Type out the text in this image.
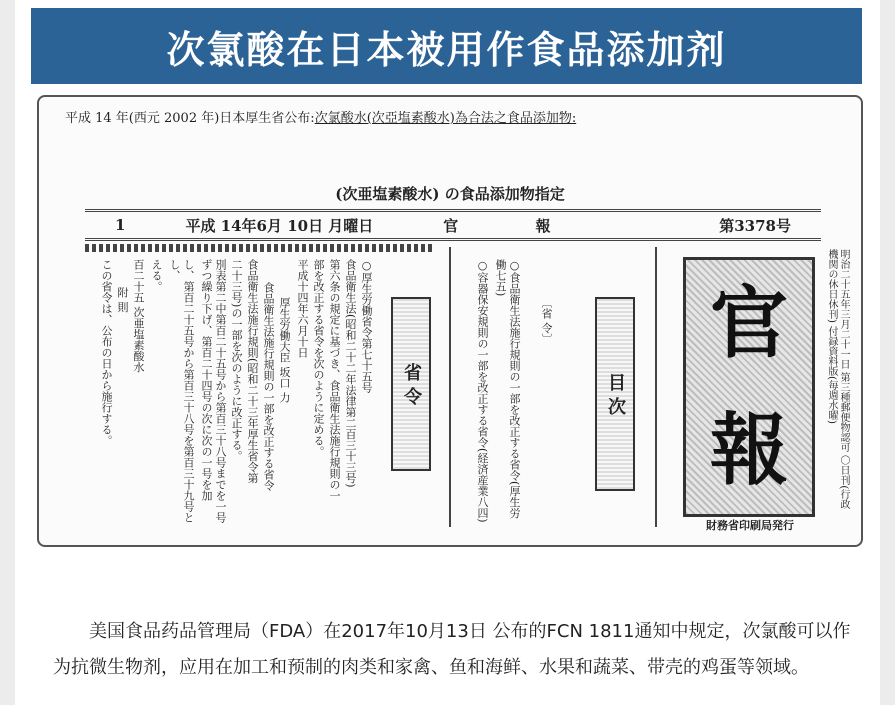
次氯酸在日本被用作食品添加剂
平成 14 年(西元 2002 年)日本厚生省公布:次氯酸水(次亞塩素酸水)為合法之食品添加物:
(次亜塩素酸水) の食品添加物指定
1	平成 14年6月 10日 月曜日	官 報	第3378号
この省令は、公布の日から施行する。 附 則 百二十五 次亜塩素酸水 える。	し、第百二十五号から第百三十八号を第百三十九号とし、	別表第二中第百二十五号から第百三十八号までを一号ずつ繰り下げ、第百二十四号の次に次の一号を加	二十三号)の一部を次のように改正する。 食品衛生法施行規則(昭和二十三年厚生省令第 食品衛生法施行規則の一部を改正する省令 厚生労働大臣 坂口 力 平成十四年六月十日 部を改正する省令を次のように定める。 第六条の規定に基づき、食品衛生法施行規則の一 食品衛生法(昭和二十二年法律第二百三十三号) ○厚生労働省令第七十五号	省 令	○容器保安規則の一部を改正する省令(経済産業八四)	○食品衛生法施行規則の一部を改正する省令(厚生労働七五)
〔省 令〕
目 次
官
報
財務省印刷局発行
明治二十五年三月二十一日 第三種郵便物認可 〇日刊(行政機関の休日休刊) 付録資料版(毎週水曜)

美国食品药品管理局（FDA）在2017年10月13日 公布的FCN 1811通知中规定，次氯酸可以作为抗微生物剂，应用在加工和预制的肉类和家禽、鱼和海鲜、水果和蔬菜、带壳的鸡蛋等领域。
